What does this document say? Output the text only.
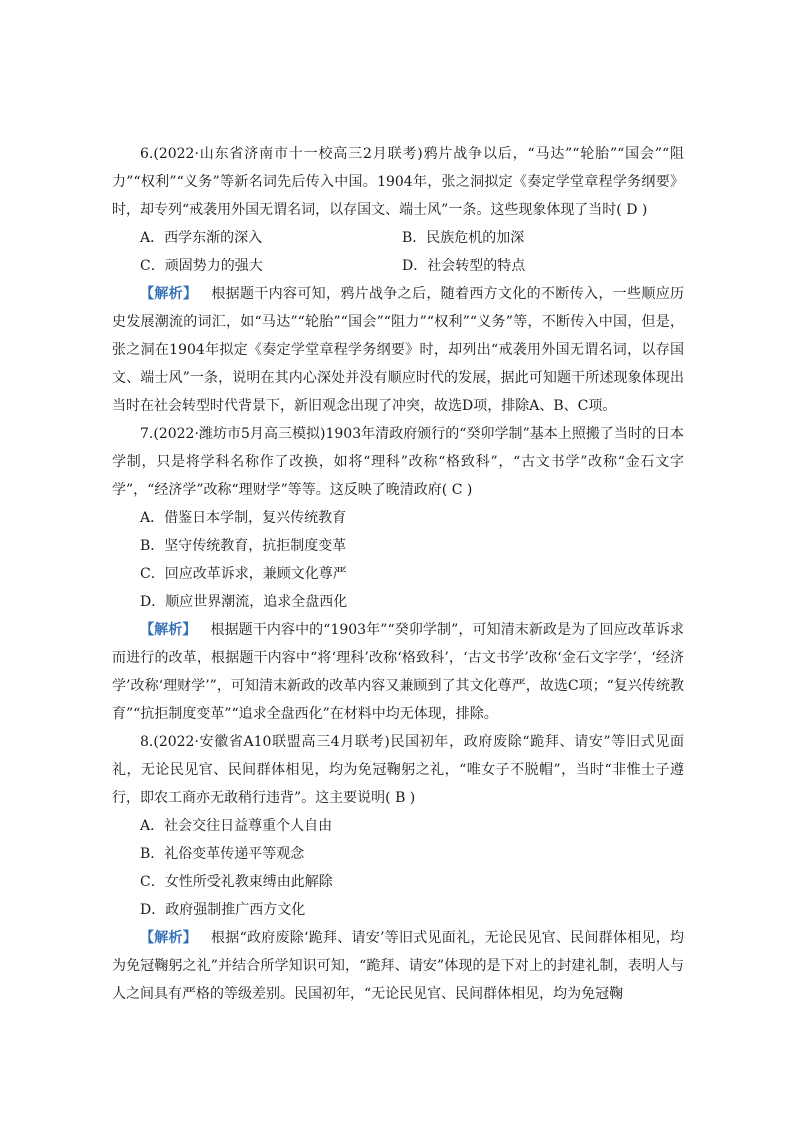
6.(2022·山东省济南市十一校高三2月联考)鸦片战争以后，“马达”“轮胎”“国会”“阻力”“权利”“义务”等新名词先后传入中国。1904年，张之洞拟定《奏定学堂章程学务纲要》时，却专列“戒袭用外国无谓名词，以存国文、端士风”一条。这些现象体现了当时( D )

A．西学东渐的深入	B．民族危机的加深
C．顽固势力的强大	D．社会转型的特点

【解析】 根据题干内容可知，鸦片战争之后，随着西方文化的不断传入，一些顺应历史发展潮流的词汇，如“马达”“轮胎”“国会”“阻力”“权利”“义务”等，不断传入中国，但是，张之洞在1904年拟定《奏定学堂章程学务纲要》时，却列出“戒袭用外国无谓名词，以存国文、端士风”一条，说明在其内心深处并没有顺应时代的发展，据此可知题干所述现象体现出当时在社会转型时代背景下，新旧观念出现了冲突，故选D项，排除A、B、C项。

7.(2022·潍坊市5月高三模拟)1903年清政府颁行的“癸卯学制”基本上照搬了当时的日本学制，只是将学科名称作了改换，如将“理科”改称“格致科”，“古文书学”改称“金石文字学”，“经济学”改称“理财学”等等。这反映了晚清政府( C )

A．借鉴日本学制，复兴传统教育
B．坚守传统教育，抗拒制度变革
C．回应改革诉求，兼顾文化尊严
D．顺应世界潮流，追求全盘西化

【解析】 根据题干内容中的“1903年”“癸卯学制”，可知清末新政是为了回应改革诉求而进行的改革，根据题干内容中“将‘理科’改称‘格致科’，‘古文书学’改称‘金石文字学’，‘经济学’改称‘理财学’”，可知清末新政的改革内容又兼顾到了其文化尊严，故选C项；“复兴传统教育”“抗拒制度变革”“追求全盘西化”在材料中均无体现，排除。

8.(2022·安徽省A10联盟高三4月联考)民国初年，政府废除“跪拜、请安”等旧式见面礼，无论民见官、民间群体相见，均为免冠鞠躬之礼，“唯女子不脱帽”，当时“非惟士子遵行，即农工商亦无敢稍行违背”。这主要说明( B )

A．社会交往日益尊重个人自由
B．礼俗变革传递平等观念
C．女性所受礼教束缚由此解除
D．政府强制推广西方文化

【解析】 根据“政府废除‘跪拜、请安’等旧式见面礼，无论民见官、民间群体相见，均为免冠鞠躬之礼”并结合所学知识可知，“跪拜、请安”体现的是下对上的封建礼制，表明人与人之间具有严格的等级差别。民国初年，“无论民见官、民间群体相见，均为免冠鞠
